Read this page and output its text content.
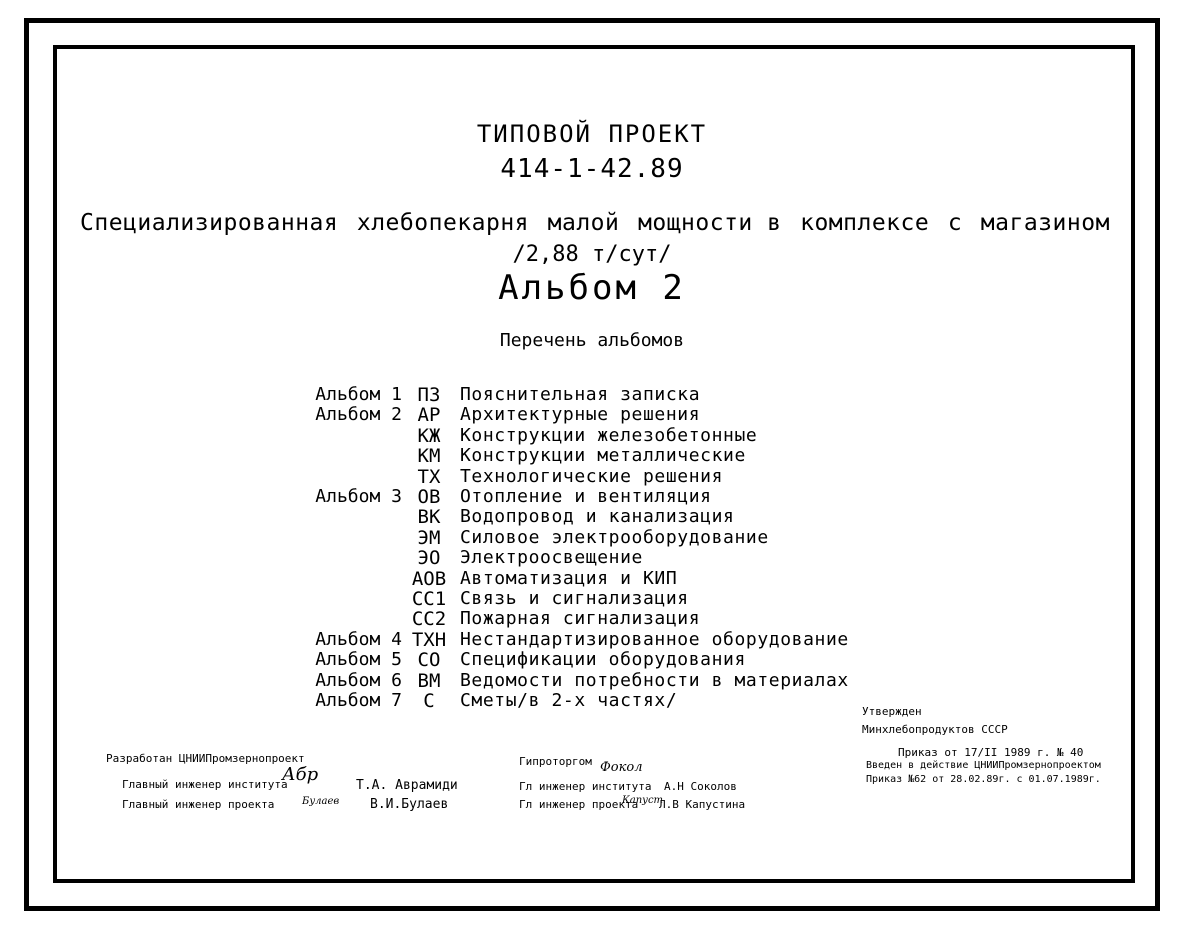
ТИПОВОЙ ПРОЕКТ
414-1-42.89
Специализированная хлебопекарня малой мощности в комплексе с магазином
/2,88 т/сут/
Альбом 2
Перечень альбомов
Альбом 1 ПЗ	Пояснительная записка
Альбом 2 АР	Архитектурные решения
КЖ	Конструкции железобетонные
КМ	Конструкции металлические
ТХ	Технологические решения
Альбом 3 ОВ	Отопление и вентиляция
ВК	Водопровод и канализация
ЭМ	Силовое электрооборудование
ЭО	Электроосвещение
АОВ Автоматизация и КИП
СС1 Связь и сигнализация
СС2 Пожарная сигнализация
Альбом 4 ТХН Нестандартизированное оборудование
Альбом 5 СО	Спецификации оборудования
Альбом 6 ВМ	Ведомости потребности в материалах
Альбом 7	С	Сметы/в 2-х частях/
Разработан ЦНИИПромзернопроект
Главный инженер института
Абр
Т.А. Аврамиди
Главный инженер проекта	Булаев В.И.Булаев
Гипроторгом
Гл инженер института
Фокол
А.Н Соколов
Гл инженер проекта
Капуст
Л.В Капустина
Утвержден
Минхлебопродуктов СССР
Приказ от 17/II 1989 г. № 40
Введен в действие ЦНИИПромзернопроектом
Приказ №62 от 28.02.89г. с 01.07.1989г.
